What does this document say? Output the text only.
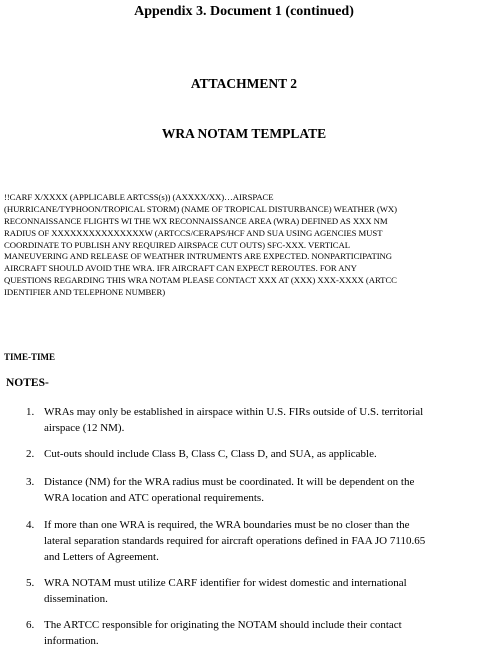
Appendix 3. Document 1 (continued)
ATTACHMENT 2
WRA NOTAM TEMPLATE
!!CARF X/XXXX (APPLICABLE ARTCSS(s)) (AXXXX/XX)…AIRSPACE
(HURRICANE/TYPHOON/TROPICAL STORM) (NAME OF TROPICAL DISTURBANCE) WEATHER (WX)
RECONNAISSANCE FLIGHTS WI THE WX RECONNAISSANCE AREA (WRA) DEFINED AS XXX NM
RADIUS OF XXXXXXXXXXXXXXXW (ARTCCS/CERAPS/HCF AND SUA USING AGENCIES MUST
COORDINATE TO PUBLISH ANY REQUIRED AIRSPACE CUT OUTS) SFC-XXX. VERTICAL
MANEUVERING AND RELEASE OF WEATHER INTRUMENTS ARE EXPECTED. NONPARTICIPATING
AIRCRAFT SHOULD AVOID THE WRA. IFR AIRCRAFT CAN EXPECT REROUTES. FOR ANY
QUESTIONS REGARDING THIS WRA NOTAM PLEASE CONTACT XXX AT (XXX) XXX-XXXX (ARTCC
IDENTIFIER AND TELEPHONE NUMBER)
TIME-TIME
NOTES-
1. WRAs may only be established in airspace within U.S. FIRs outside of U.S. territorial
airspace (12 NM).
2. Cut-outs should include Class B, Class C, Class D, and SUA, as applicable.
3. Distance (NM) for the WRA radius must be coordinated. It will be dependent on the
WRA location and ATC operational requirements.
4. If more than one WRA is required, the WRA boundaries must be no closer than the
lateral separation standards required for aircraft operations defined in FAA JO 7110.65
and Letters of Agreement.
5. WRA NOTAM must utilize CARF identifier for widest domestic and international
dissemination.
6. The ARTCC responsible for originating the NOTAM should include their contact
information.
